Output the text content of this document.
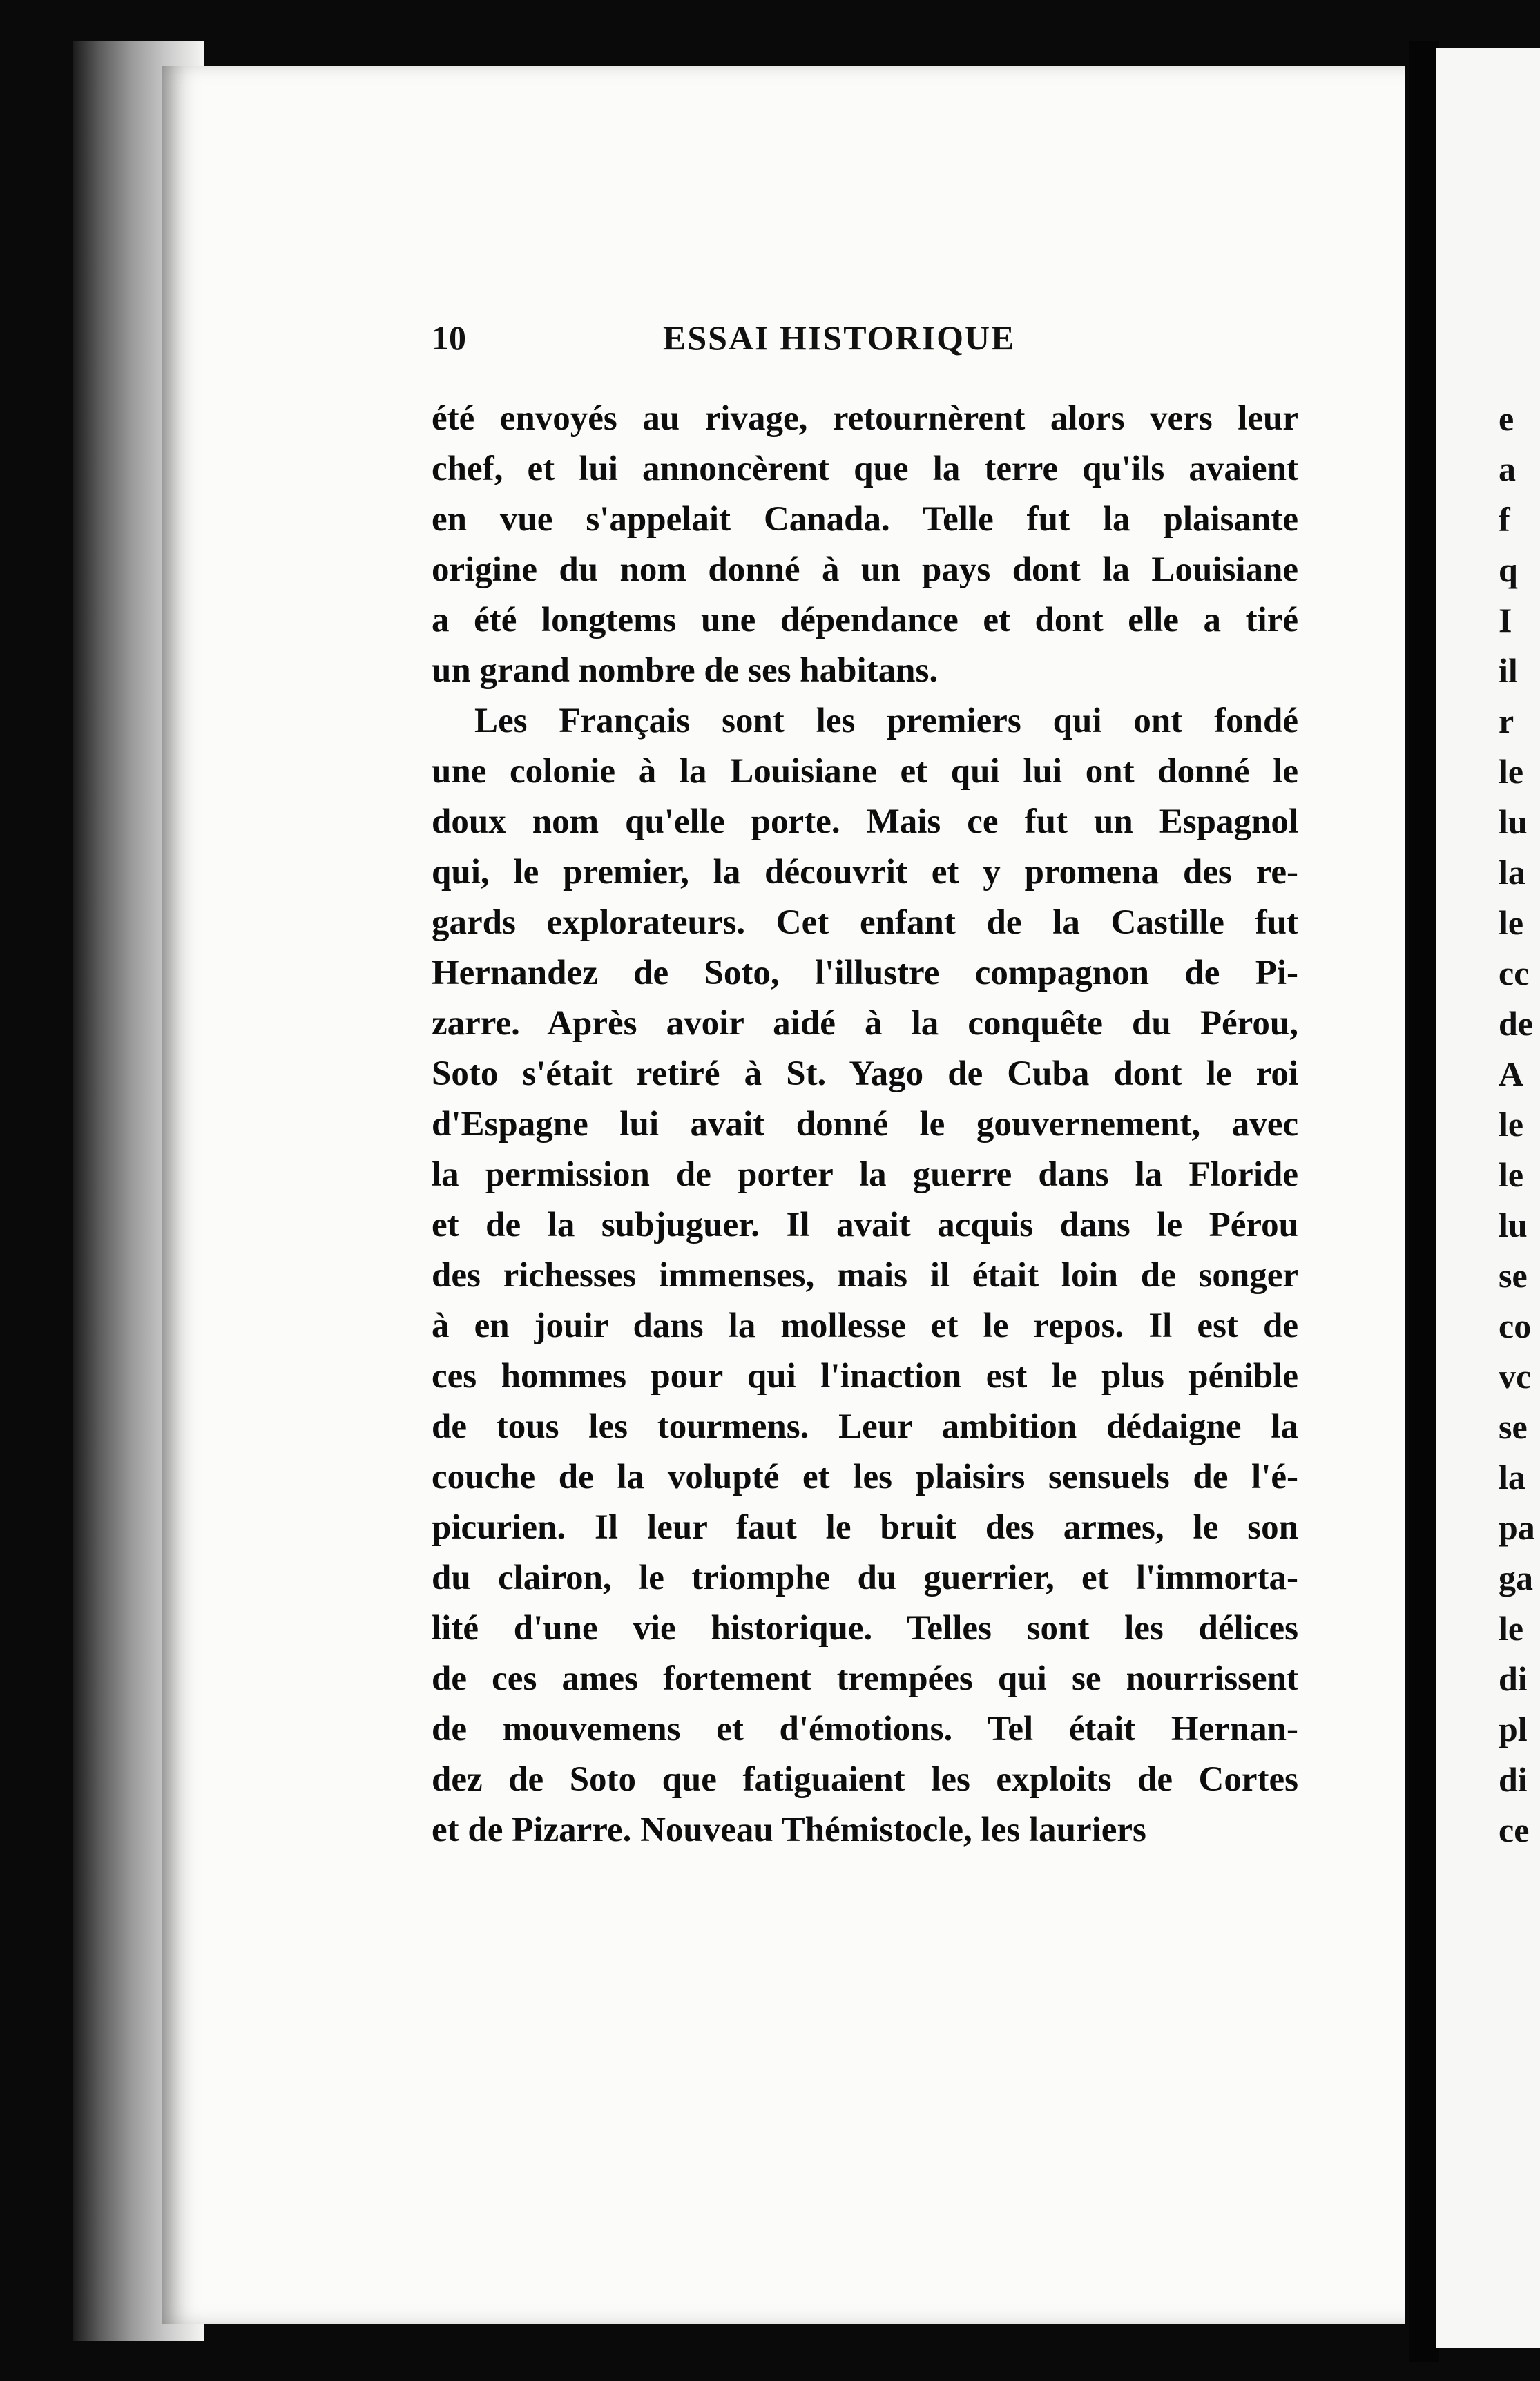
10	ESSAI HISTORIQUE
été envoyés au rivage, retournèrent alors vers leur
chef, et lui annoncèrent que la terre qu'ils avaient
en vue s'appelait Canada. Telle fut la plaisante
origine du nom donné à un pays dont la Louisiane
a été longtems une dépendance et dont elle a tiré
un grand nombre de ses habitans.
Les Français sont les premiers qui ont fondé
une colonie à la Louisiane et qui lui ont donné le
doux nom qu'elle porte. Mais ce fut un Espagnol
qui, le premier, la découvrit et y promena des re-
gards explorateurs. Cet enfant de la Castille fut
Hernandez de Soto, l'illustre compagnon de Pi-
zarre. Après avoir aidé à la conquête du Pérou,
Soto s'était retiré à St. Yago de Cuba dont le roi
d'Espagne lui avait donné le gouvernement, avec
la permission de porter la guerre dans la Floride
et de la subjuguer. Il avait acquis dans le Pérou
des richesses immenses, mais il était loin de songer
à en jouir dans la mollesse et le repos. Il est de
ces hommes pour qui l'inaction est le plus pénible
de tous les tourmens. Leur ambition dédaigne la
couche de la volupté et les plaisirs sensuels de l'é-
picurien. Il leur faut le bruit des armes, le son
du clairon, le triomphe du guerrier, et l'immorta-
lité d'une vie historique. Telles sont les délices
de ces ames fortement trempées qui se nourrissent
de mouvemens et d'émotions. Tel était Hernan-
dez de Soto que fatiguaient les exploits de Cortes
et de Pizarre. Nouveau Thémistocle, les lauriers
e
a
f
q
I
il
r
le
lu
la
le
cc
de
A
le
le
lu
se
co
vc
se
la
pa
ga
le
di
pl
di
ce
